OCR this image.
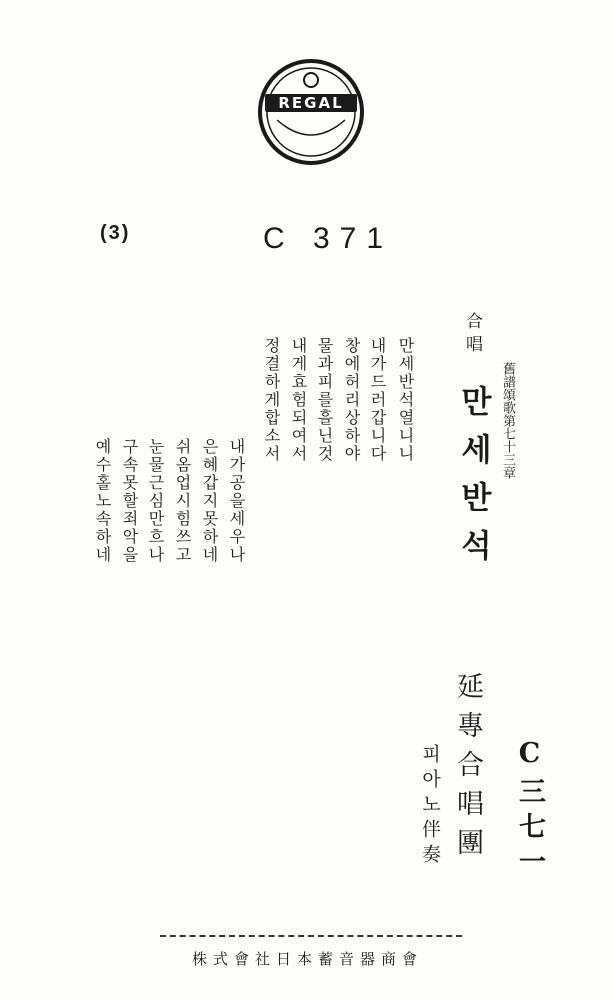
REGAL
(3)	C 371
舊譜頌歌第七十三章
合唱
만세반석
만세반석열니니
내가드러갑니다
창에허리상하야
물과피를흘닌것
내게효험되여서
정결하게합소서
내가공을세우나
은혜갑지못하네
쉬옴업시힘쓰고
눈물근심만흐나
구속못할죄악을
예수홀노속하네
延專合唱團
피아노伴奏	C三七一
株式會社日本蓄音器商會
